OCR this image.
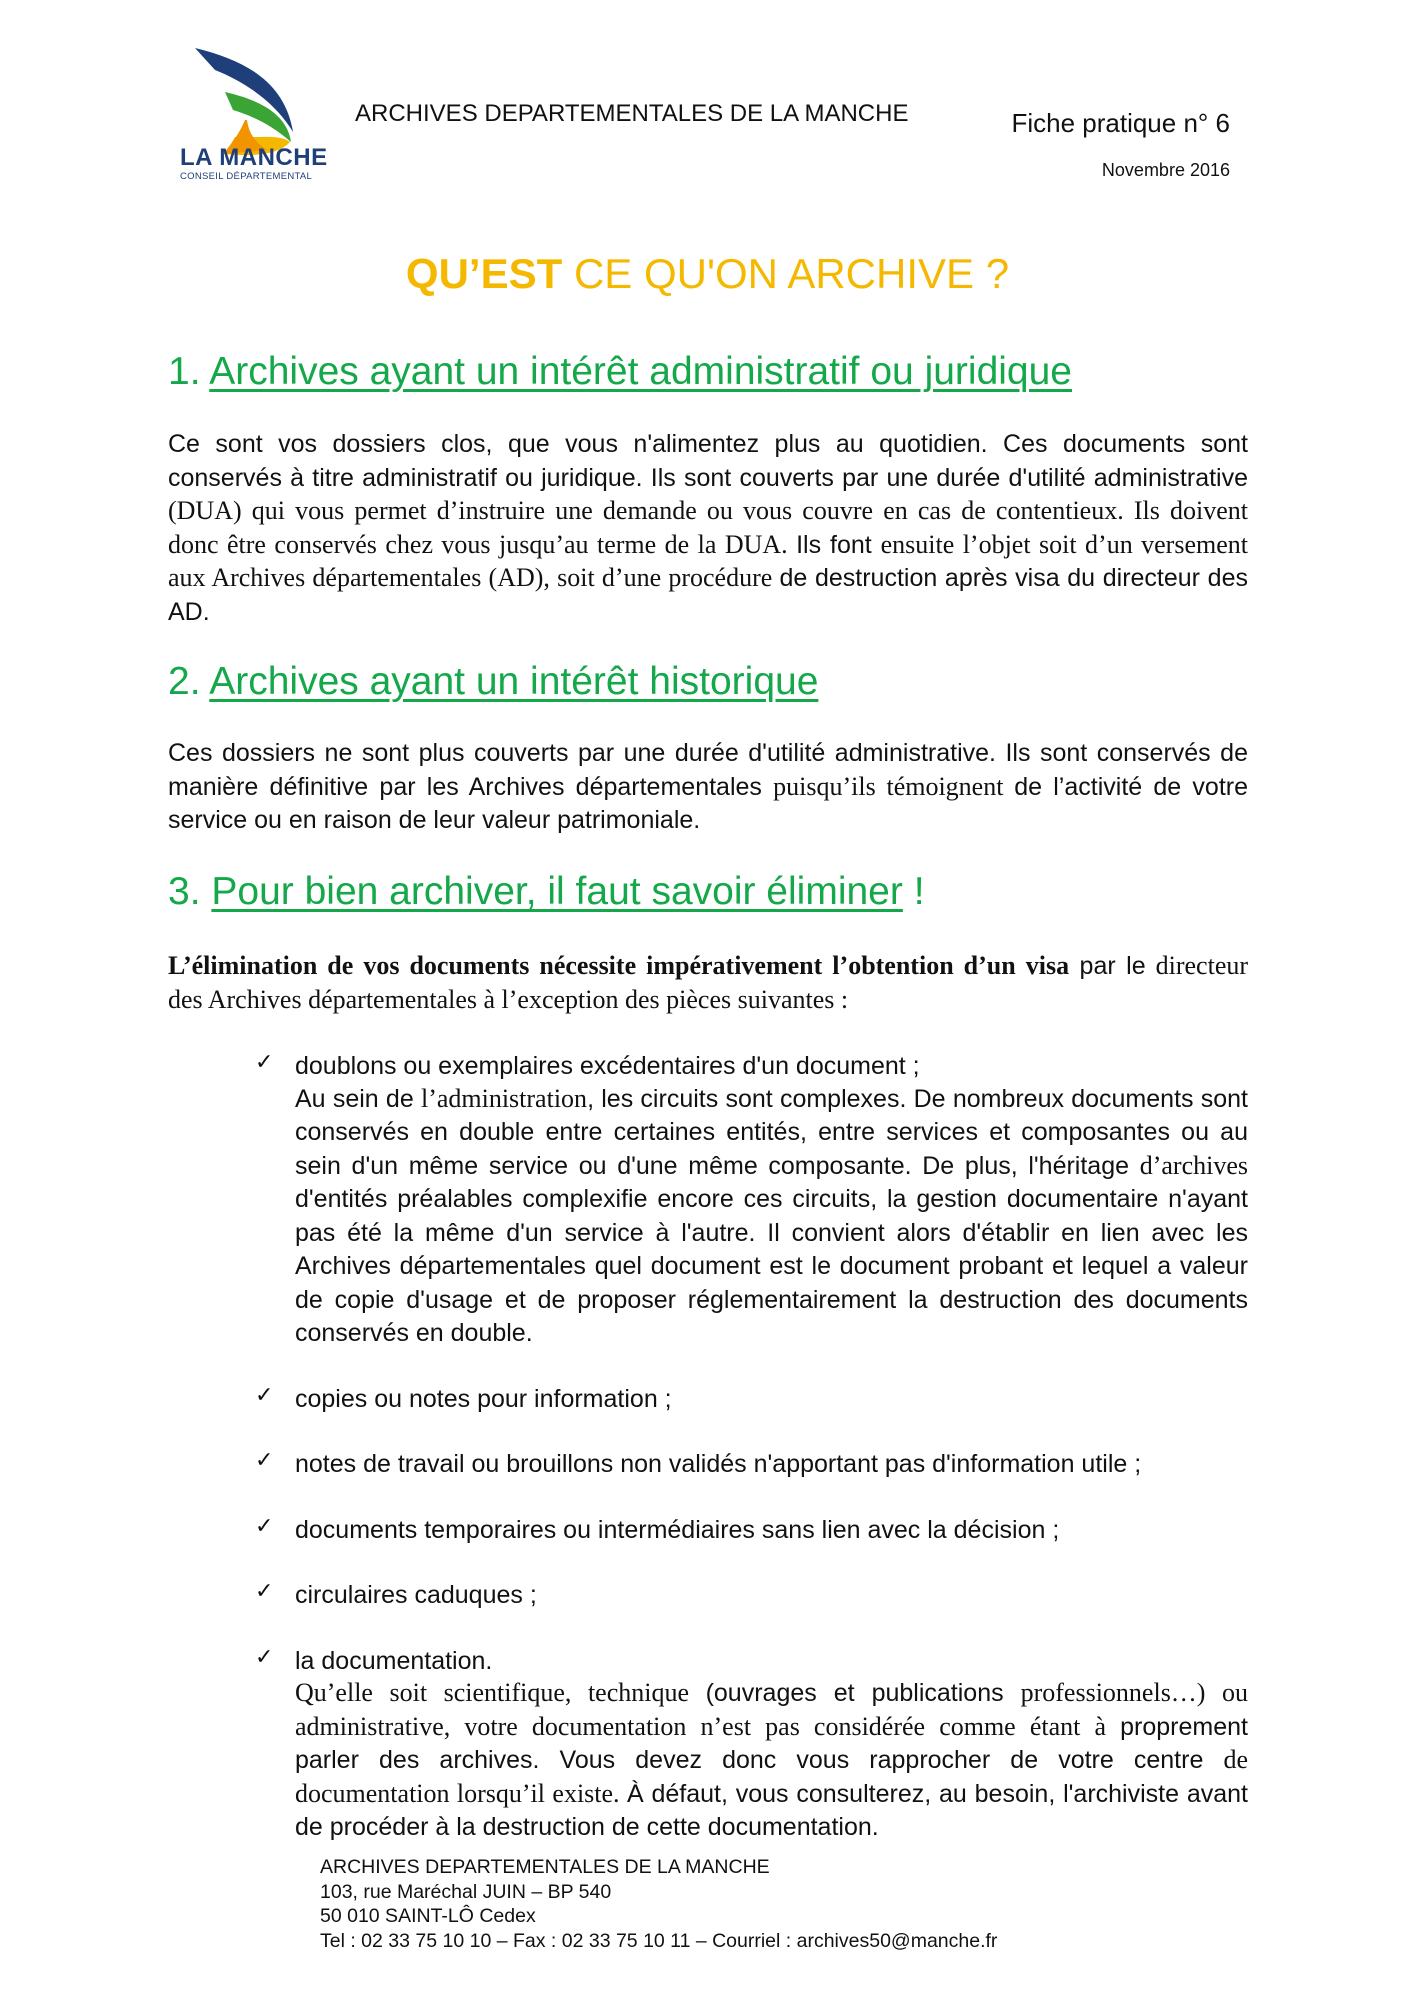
LA MANCHE
CONSEIL DÉPARTEMENTAL
ARCHIVES DEPARTEMENTALES DE LA MANCHE	Fiche pratique n° 6
Novembre 2016
QU’EST CE QU'ON ARCHIVE ?
1. Archives ayant un intérêt administratif ou juridique

Ce sont vos dossiers clos, que vous n'alimentez plus au quotidien. Ces documents sont conservés à titre administratif ou juridique. Ils sont couverts par une durée d'utilité administrative (DUA) qui vous permet d’instruire une demande ou vous couvre en cas de contentieux. Ils doivent donc être conservés chez vous jusqu’au terme de la DUA. Ils font ensuite l’objet soit d’un versement aux Archives départementales (AD), soit d’une procédure de destruction après visa du directeur des AD.

2. Archives ayant un intérêt historique

Ces dossiers ne sont plus couverts par une durée d'utilité administrative. Ils sont conservés de manière définitive par les Archives départementales puisqu’ils témoignent de l’activité de votre service ou en raison de leur valeur patrimoniale.

3. Pour bien archiver, il faut savoir éliminer !

L’élimination de vos documents nécessite impérativement l’obtention d’un visa par le directeur des Archives départementales à l’exception des pièces suivantes :

✓ doublons ou exemplaires excédentaires d'un document ;

Au sein de l’administration, les circuits sont complexes. De nombreux documents sont conservés en double entre certaines entités, entre services et composantes ou au sein d'un même service ou d'une même composante. De plus, l'héritage d’archives d'entités préalables complexifie encore ces circuits, la gestion documentaire n'ayant pas été la même d'un service à l'autre. Il convient alors d'établir en lien avec les Archives départementales quel document est le document probant et lequel a valeur de copie d'usage et de proposer réglementairement la destruction des documents conservés en double.

✓ copies ou notes pour information ;
✓ notes de travail ou brouillons non validés n'apportant pas d'information utile ;
✓ documents temporaires ou intermédiaires sans lien avec la décision ;
✓ circulaires caduques ;
✓ la documentation.

Qu’elle soit scientifique, technique (ouvrages et publications professionnels…) ou administrative, votre documentation n’est pas considérée comme étant à proprement parler des archives. Vous devez donc vous rapprocher de votre centre de documentation lorsqu’il existe. À défaut, vous consulterez, au besoin, l'archiviste avant de procéder à la destruction de cette documentation.

ARCHIVES DEPARTEMENTALES DE LA MANCHE
103, rue Maréchal JUIN – BP 540
50 010 SAINT-LÔ Cedex
Tel : 02 33 75 10 10 – Fax : 02 33 75 10 11 – Courriel : archives50@manche.fr
